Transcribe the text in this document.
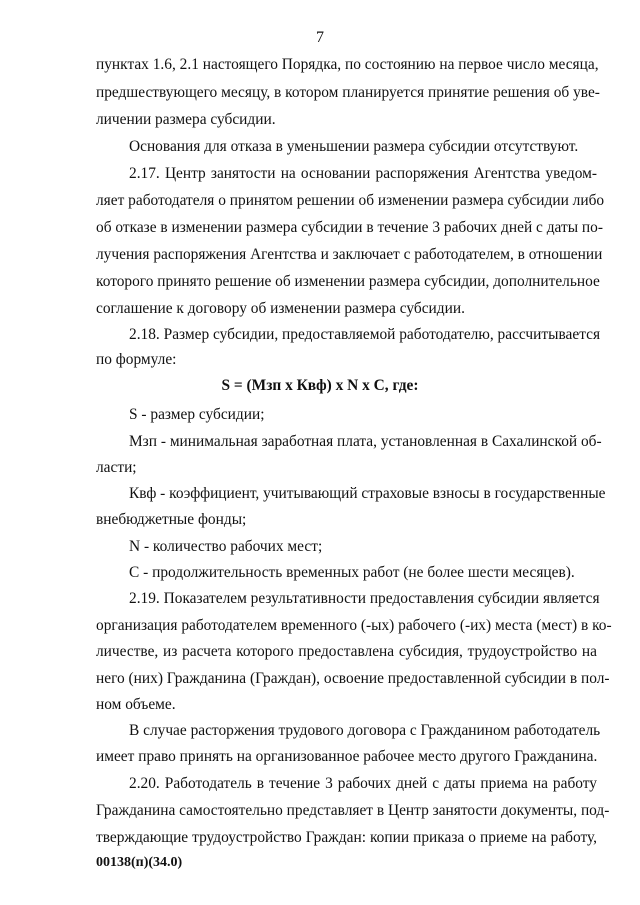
7
пунктах 1.6, 2.1 настоящего Порядка, по состоянию на первое число месяца,
предшествующего месяцу, в котором планируется принятие решения об уве-
личении размера субсидии.
Основания для отказа в уменьшении размера субсидии отсутствуют.
2.17. Центр занятости на основании распоряжения Агентства уведом-
ляет работодателя о принятом решении об изменении размера субсидии либо
об отказе в изменении размера субсидии в течение 3 рабочих дней с даты по-
лучения распоряжения Агентства и заключает с работодателем, в отношении
которого принято решение об изменении размера субсидии, дополнительное
соглашение к договору об изменении размера субсидии.
2.18. Размер субсидии, предоставляемой работодателю, рассчитывается
по формуле:
S = (Мзп x Квф) x N x C, где:
S - размер субсидии;
Мзп - минимальная заработная плата, установленная в Сахалинской об-
ласти;
Квф - коэффициент, учитывающий страховые взносы в государственные
внебюджетные фонды;
N - количество рабочих мест;
С - продолжительность временных работ (не более шести месяцев).
2.19. Показателем результативности предоставления субсидии является
организация работодателем временного (-ых) рабочего (-их) места (мест) в ко-
личестве, из расчета которого предоставлена субсидия, трудоустройство на
него (них) Гражданина (Граждан), освоение предоставленной субсидии в пол-
ном объеме.
В случае расторжения трудового договора с Гражданином работодатель
имеет право принять на организованное рабочее место другого Гражданина.
2.20. Работодатель в течение 3 рабочих дней с даты приема на работу
Гражданина самостоятельно представляет в Центр занятости документы, под-
тверждающие трудоустройство Граждан: копии приказа о приеме на работу,
00138(п)(34.0)
